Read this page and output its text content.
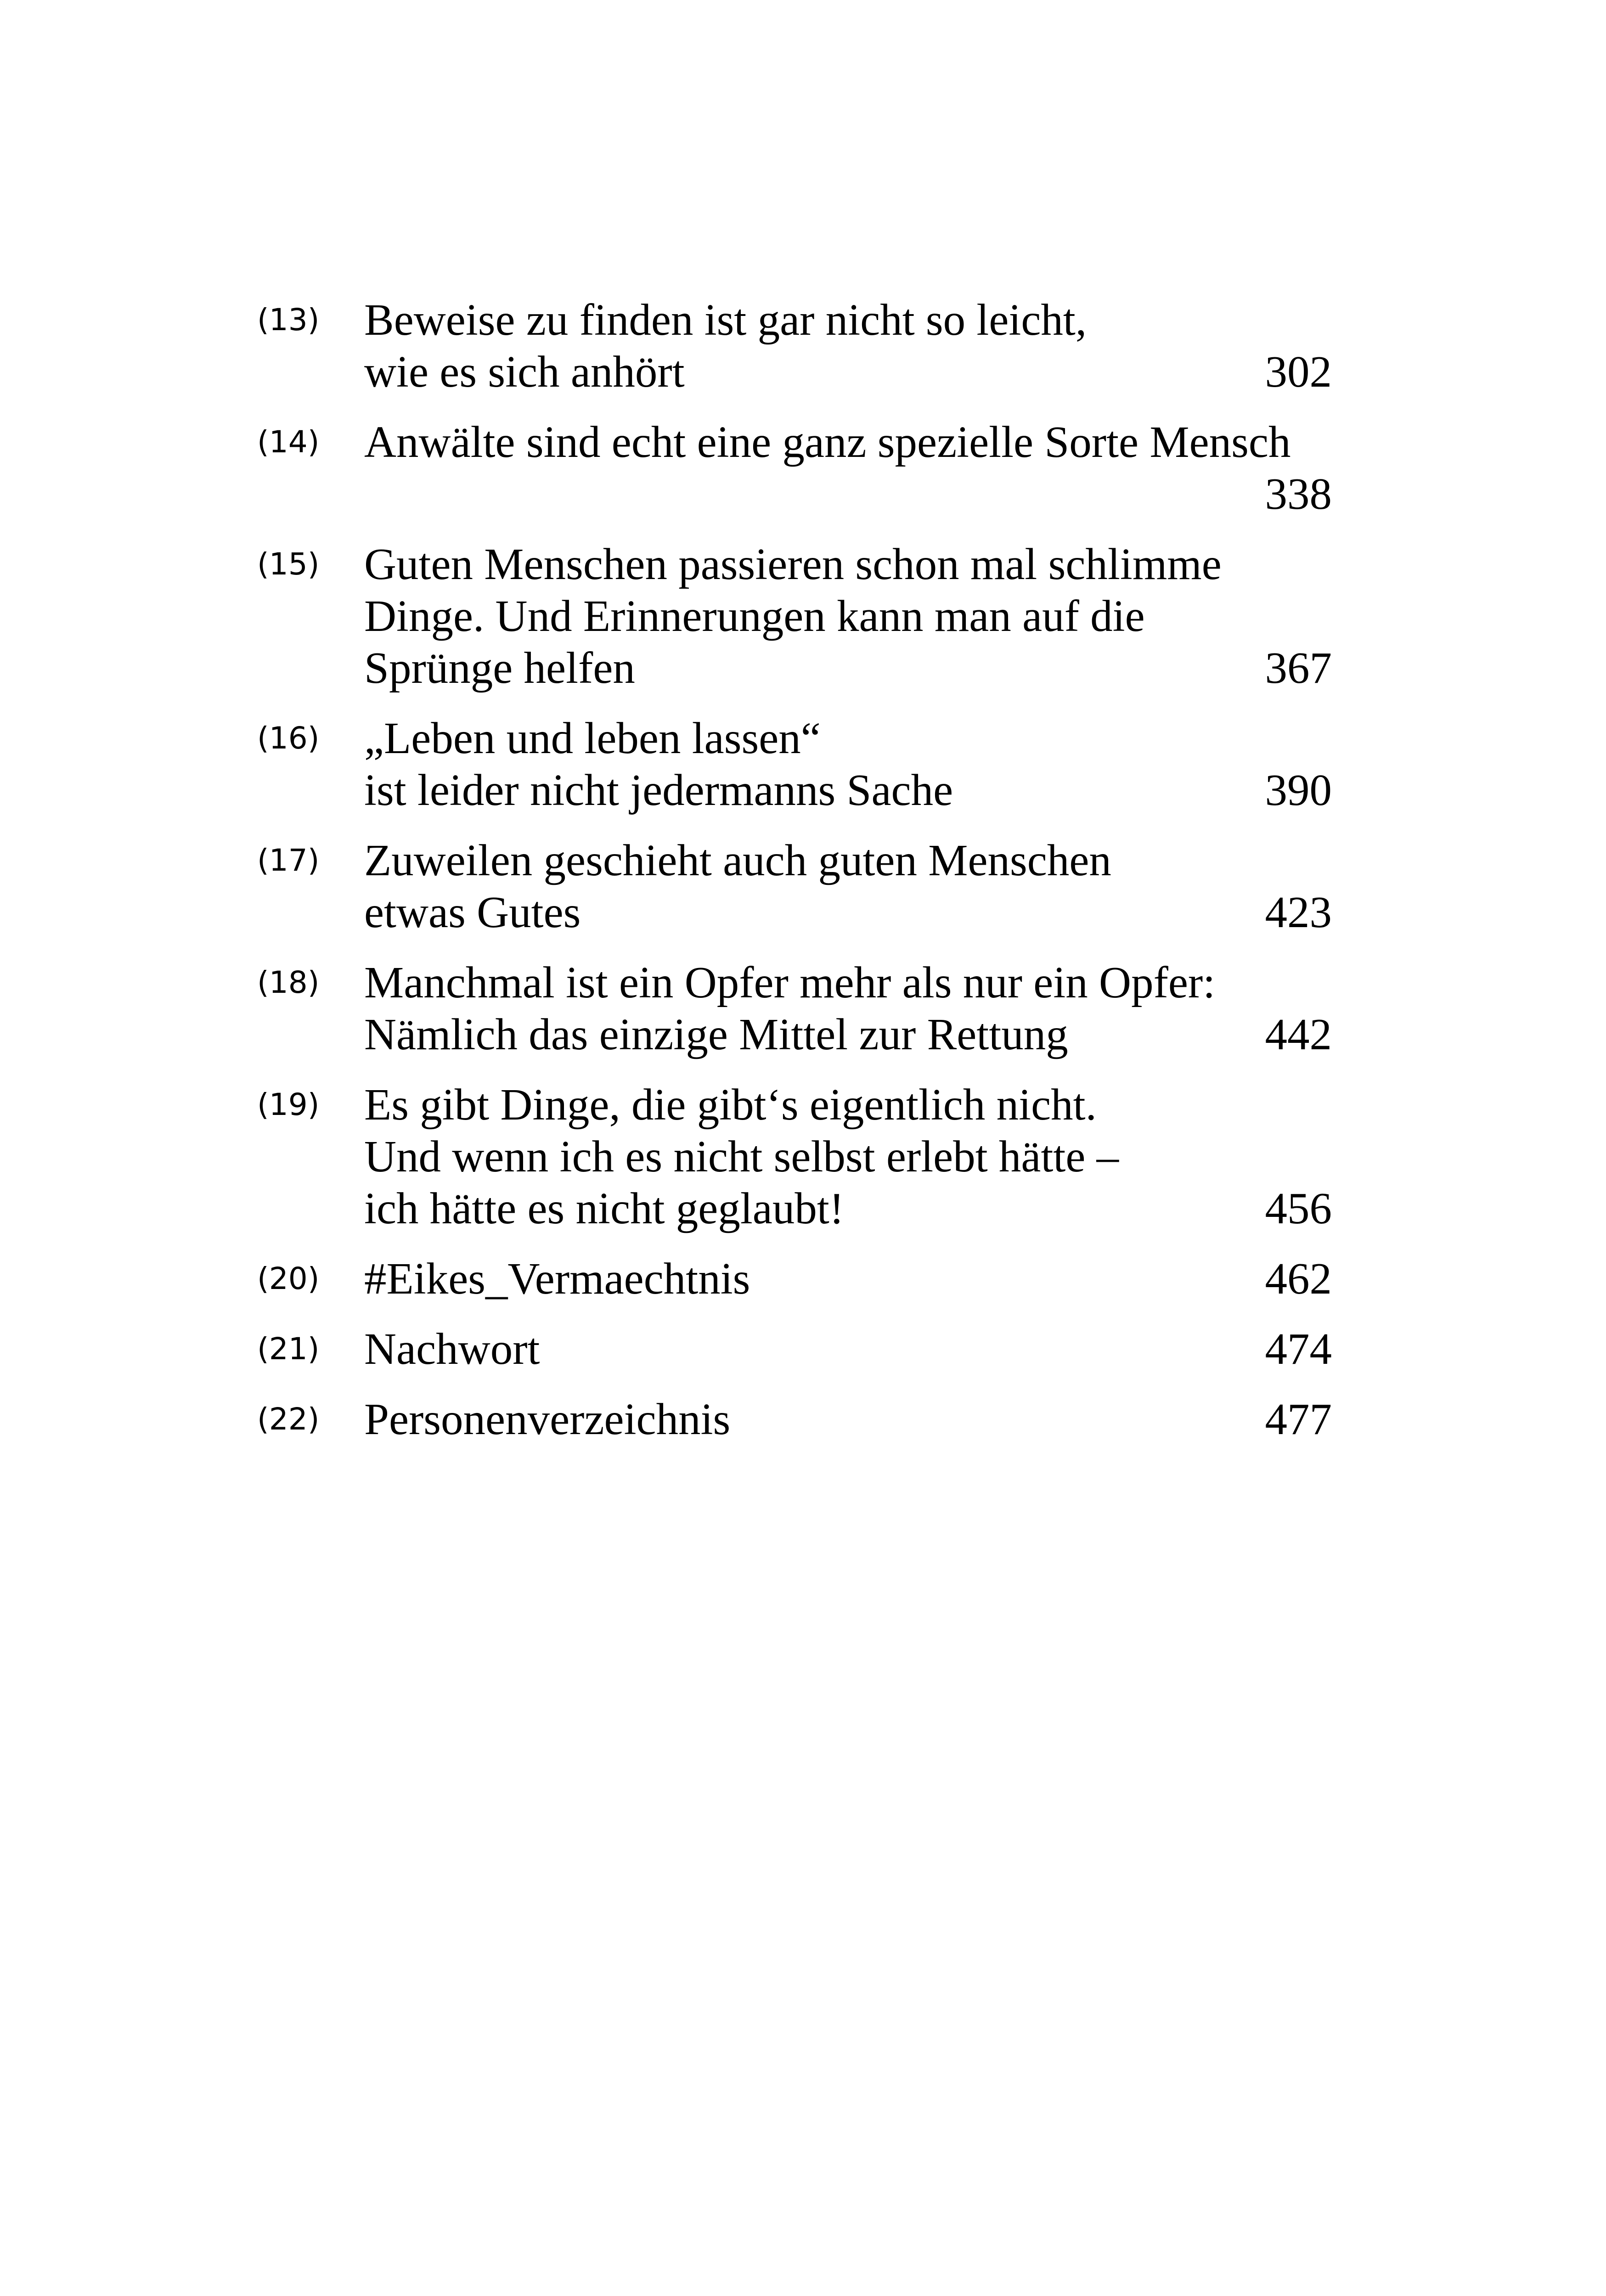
(13)	Beweise zu finden ist gar nicht so leicht,
wie es sich anhört	302
(14)	Anwälte sind echt eine ganz spezielle Sorte Mensch
338
(15)	Guten Menschen passieren schon mal schlimme
Dinge. Und Erinnerungen kann man auf die
Sprünge helfen	367
(16)	„Leben und leben lassen“
ist leider nicht jedermanns Sache	390
(17)	Zuweilen geschieht auch guten Menschen
etwas Gutes	423
(18)	Manchmal ist ein Opfer mehr als nur ein Opfer:
Nämlich das einzige Mittel zur Rettung	442
(19)	Es gibt Dinge, die gibt‘s eigentlich nicht.
Und wenn ich es nicht selbst erlebt hätte –
ich hätte es nicht geglaubt!	456
(20)	#Eikes_Vermaechtnis	462
(21)	Nachwort	474
(22)	Personenverzeichnis	477
